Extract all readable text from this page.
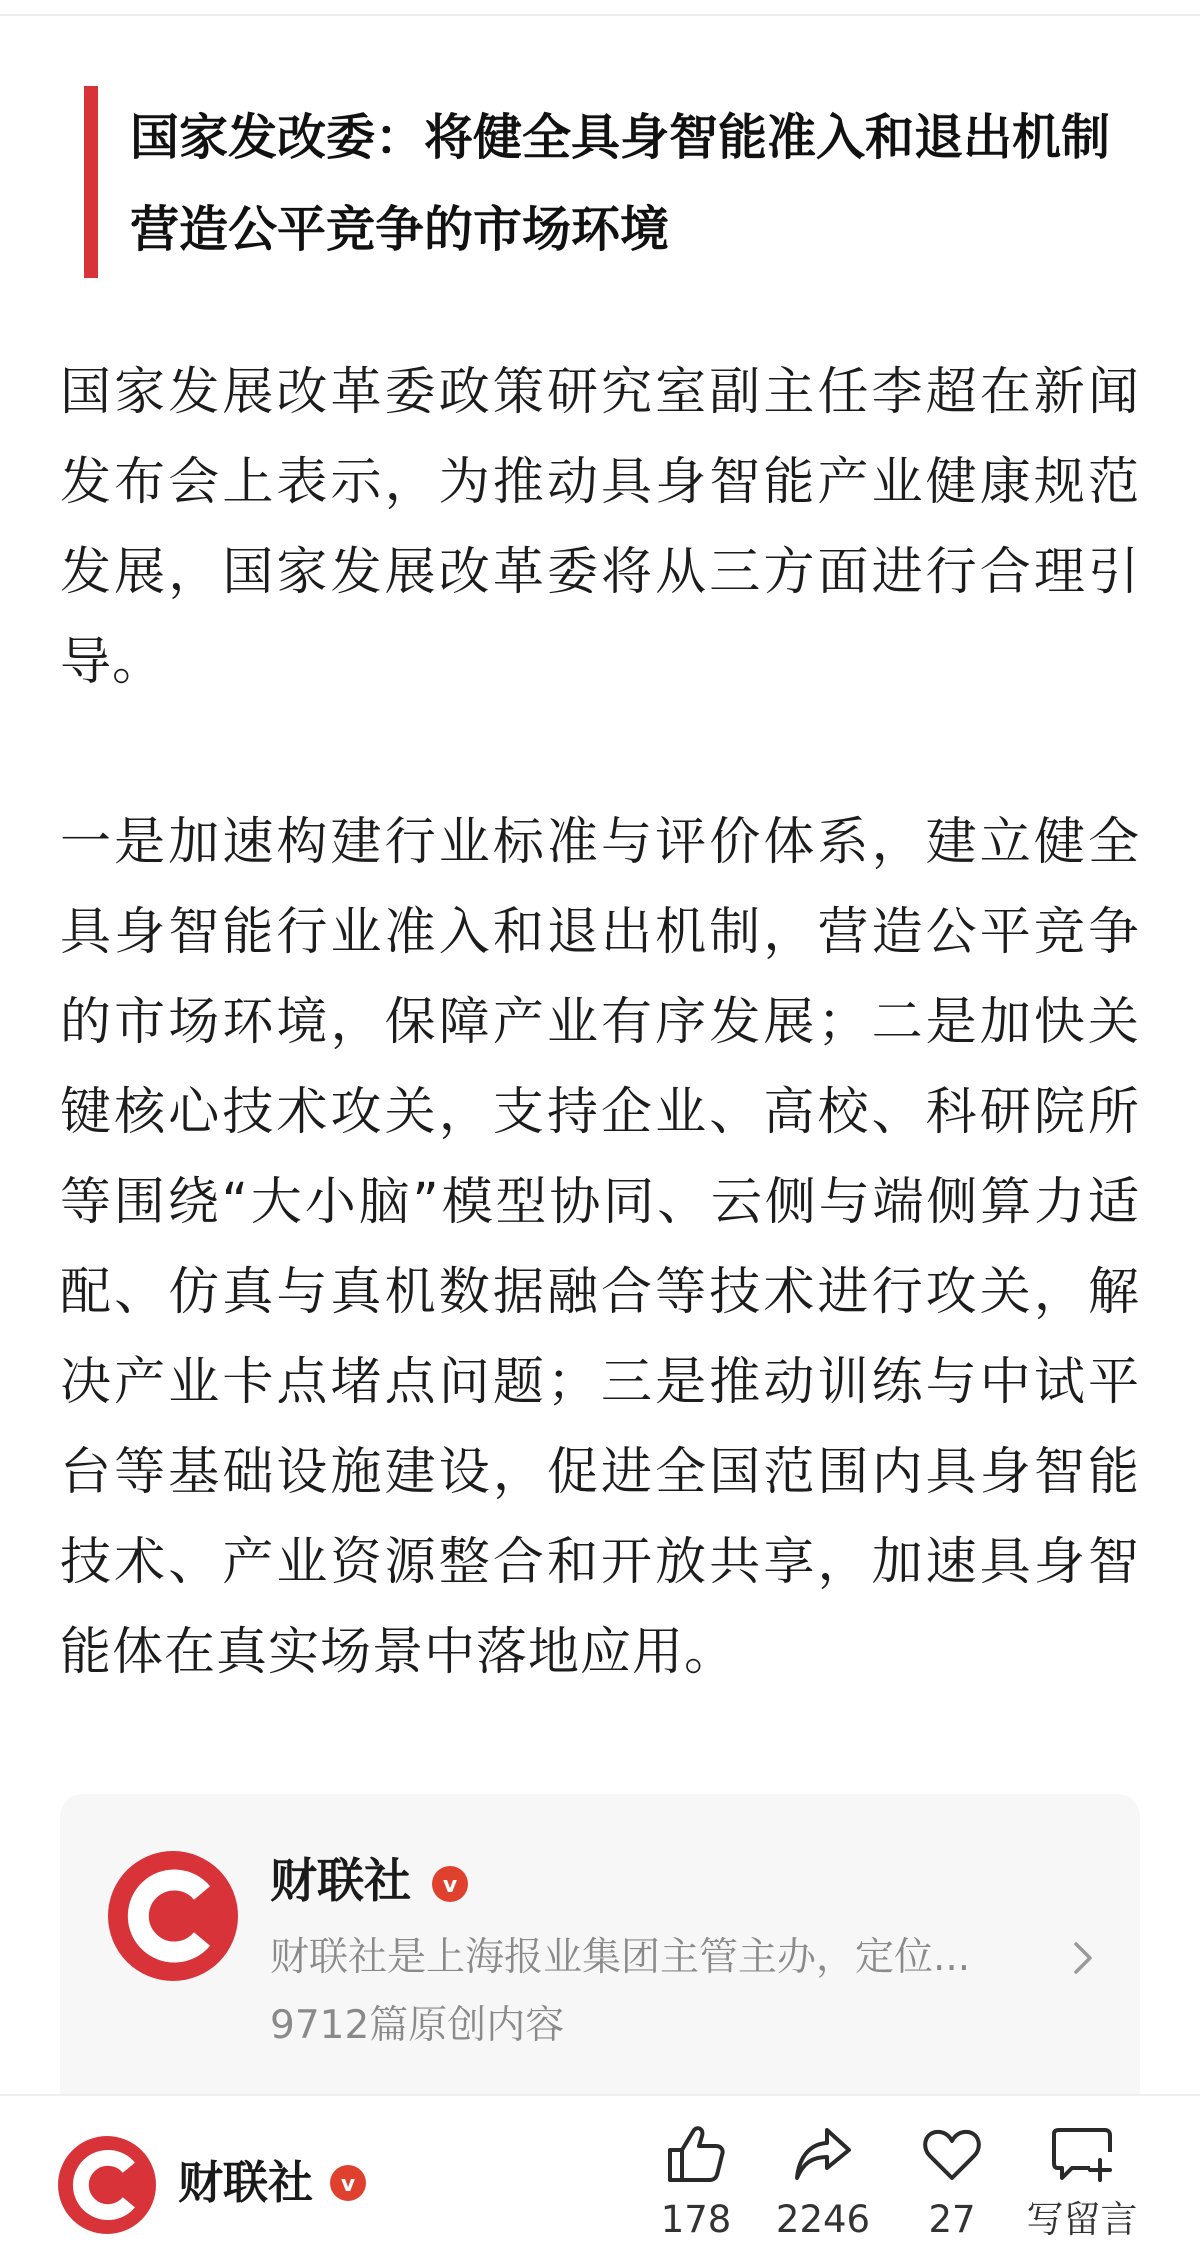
国家发改委：将健全具身智能准入和退出机制 营造公平竞争的市场环境

国家发展改革委政策研究室副主任李超在新闻发布会上表示，为推动具身智能产业健康规范发展，国家发展改革委将从三方面进行合理引导。

一是加速构建行业标准与评价体系，建立健全具身智能行业准入和退出机制，营造公平竞争的市场环境，保障产业有序发展；二是加快关键核心技术攻关，支持企业、高校、科研院所等围绕“大小脑”模型协同、云侧与端侧算力适配、仿真与真机数据融合等技术进行攻关，解决产业卡点堵点问题；三是推动训练与中试平台等基础设施建设，促进全国范围内具身智能技术、产业资源整合和开放共享，加速具身智能体在真实场景中落地应用。

财联社 v
财联社是上海报业集团主管主办，定位...
9712篇原创内容
财联社 v
178	2246	27	写留言
